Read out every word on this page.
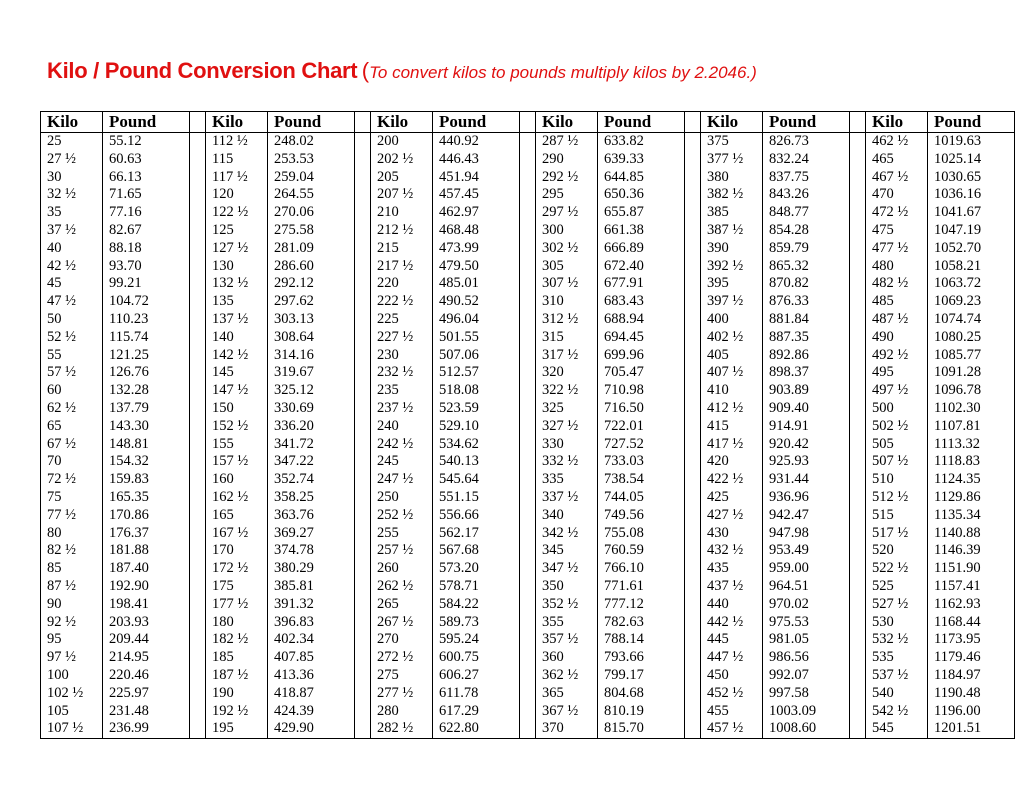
Kilo / Pound Conversion Chart (To convert kilos to pounds multiply kilos by 2.2046.)
Kilo	Pound		Kilo	Pound		Kilo	Pound		Kilo	Pound		Kilo	Pound		Kilo	Pound
25	55.12		112 ½	248.02		200	440.92		287 ½	633.82		375	826.73		462 ½	1019.63
27 ½	60.63		115	253.53		202 ½	446.43		290	639.33		377 ½	832.24		465	1025.14
30	66.13		117 ½	259.04		205	451.94		292 ½	644.85		380	837.75		467 ½	1030.65
32 ½	71.65		120	264.55		207 ½	457.45		295	650.36		382 ½	843.26		470	1036.16
35	77.16		122 ½	270.06		210	462.97		297 ½	655.87		385	848.77		472 ½	1041.67
37 ½	82.67		125	275.58		212 ½	468.48		300	661.38		387 ½	854.28		475	1047.19
40	88.18		127 ½	281.09		215	473.99		302 ½	666.89		390	859.79		477 ½	1052.70
42 ½	93.70		130	286.60		217 ½	479.50		305	672.40		392 ½	865.32		480	1058.21
45	99.21		132 ½	292.12		220	485.01		307 ½	677.91		395	870.82		482 ½	1063.72
47 ½	104.72		135	297.62		222 ½	490.52		310	683.43		397 ½	876.33		485	1069.23
50	110.23		137 ½	303.13		225	496.04		312 ½	688.94		400	881.84		487 ½	1074.74
52 ½	115.74		140	308.64		227 ½	501.55		315	694.45		402 ½	887.35		490	1080.25
55	121.25		142 ½	314.16		230	507.06		317 ½	699.96		405	892.86		492 ½	1085.77
57 ½	126.76		145	319.67		232 ½	512.57		320	705.47		407 ½	898.37		495	1091.28
60	132.28		147 ½	325.12		235	518.08		322 ½	710.98		410	903.89		497 ½	1096.78
62 ½	137.79		150	330.69		237 ½	523.59		325	716.50		412 ½	909.40		500	1102.30
65	143.30		152 ½	336.20		240	529.10		327 ½	722.01		415	914.91		502 ½	1107.81
67 ½	148.81		155	341.72		242 ½	534.62		330	727.52		417 ½	920.42		505	1113.32
70	154.32		157 ½	347.22		245	540.13		332 ½	733.03		420	925.93		507 ½	1118.83
72 ½	159.83		160	352.74		247 ½	545.64		335	738.54		422 ½	931.44		510	1124.35
75	165.35		162 ½	358.25		250	551.15		337 ½	744.05		425	936.96		512 ½	1129.86
77 ½	170.86		165	363.76		252 ½	556.66		340	749.56		427 ½	942.47		515	1135.34
80	176.37		167 ½	369.27		255	562.17		342 ½	755.08		430	947.98		517 ½	1140.88
82 ½	181.88		170	374.78		257 ½	567.68		345	760.59		432 ½	953.49		520	1146.39
85	187.40		172 ½	380.29		260	573.20		347 ½	766.10		435	959.00		522 ½	1151.90
87 ½	192.90		175	385.81		262 ½	578.71		350	771.61		437 ½	964.51		525	1157.41
90	198.41		177 ½	391.32		265	584.22		352 ½	777.12		440	970.02		527 ½	1162.93
92 ½	203.93		180	396.83		267 ½	589.73		355	782.63		442 ½	975.53		530	1168.44
95	209.44		182 ½	402.34		270	595.24		357 ½	788.14		445	981.05		532 ½	1173.95
97 ½	214.95		185	407.85		272 ½	600.75		360	793.66		447 ½	986.56		535	1179.46
100	220.46		187 ½	413.36		275	606.27		362 ½	799.17		450	992.07		537 ½	1184.97
102 ½	225.97		190	418.87		277 ½	611.78		365	804.68		452 ½	997.58		540	1190.48
105	231.48		192 ½	424.39		280	617.29		367 ½	810.19		455	1003.09		542 ½	1196.00
107 ½	236.99		195	429.90		282 ½	622.80		370	815.70		457 ½	1008.60		545	1201.51
